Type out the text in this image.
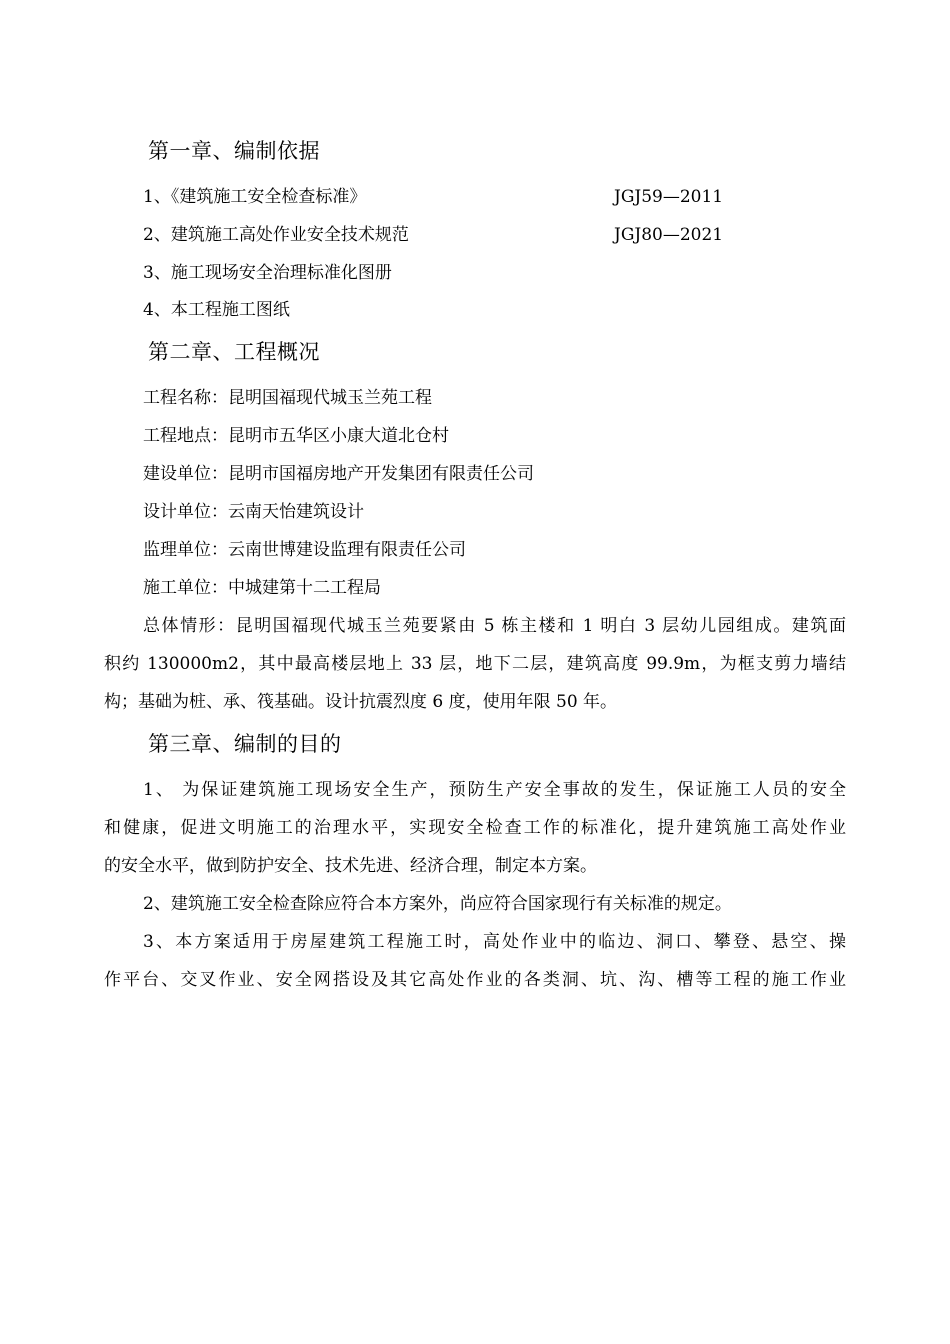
第一章、编制依据
1、《建筑施工安全检查标准》	JGJ59—2011
2、建筑施工高处作业安全技术规范	JGJ80—2021
3、施工现场安全治理标准化图册
4、本工程施工图纸
第二章、工程概况
工程名称：昆明国福现代城玉兰苑工程
工程地点：昆明市五华区小康大道北仓村
建设单位：昆明市国福房地产开发集团有限责任公司
设计单位：云南天怡建筑设计
监理单位：云南世博建设监理有限责任公司
施工单位：中城建第十二工程局
总体情形：昆明国福现代城玉兰苑要紧由 5 栋主楼和 1 明白 3 层幼儿园组成。建筑面
积约 130000m2，其中最高楼层地上 33 层，地下二层，建筑高度 99.9m，为框支剪力墙结
构；基础为桩、承、筏基础。设计抗震烈度 6 度，使用年限 50 年。
第三章、编制的目的
1、 为保证建筑施工现场安全生产，预防生产安全事故的发生，保证施工人员的安全
和健康，促进文明施工的治理水平，实现安全检查工作的标准化，提升建筑施工高处作业
的安全水平，做到防护安全、技术先进、经济合理，制定本方案。
2、建筑施工安全检查除应符合本方案外，尚应符合国家现行有关标准的规定。
3、本方案适用于房屋建筑工程施工时，高处作业中的临边、洞口、攀登、悬空、操
作平台、交叉作业、安全网搭设及其它高处作业的各类洞、坑、沟、槽等工程的施工作业
